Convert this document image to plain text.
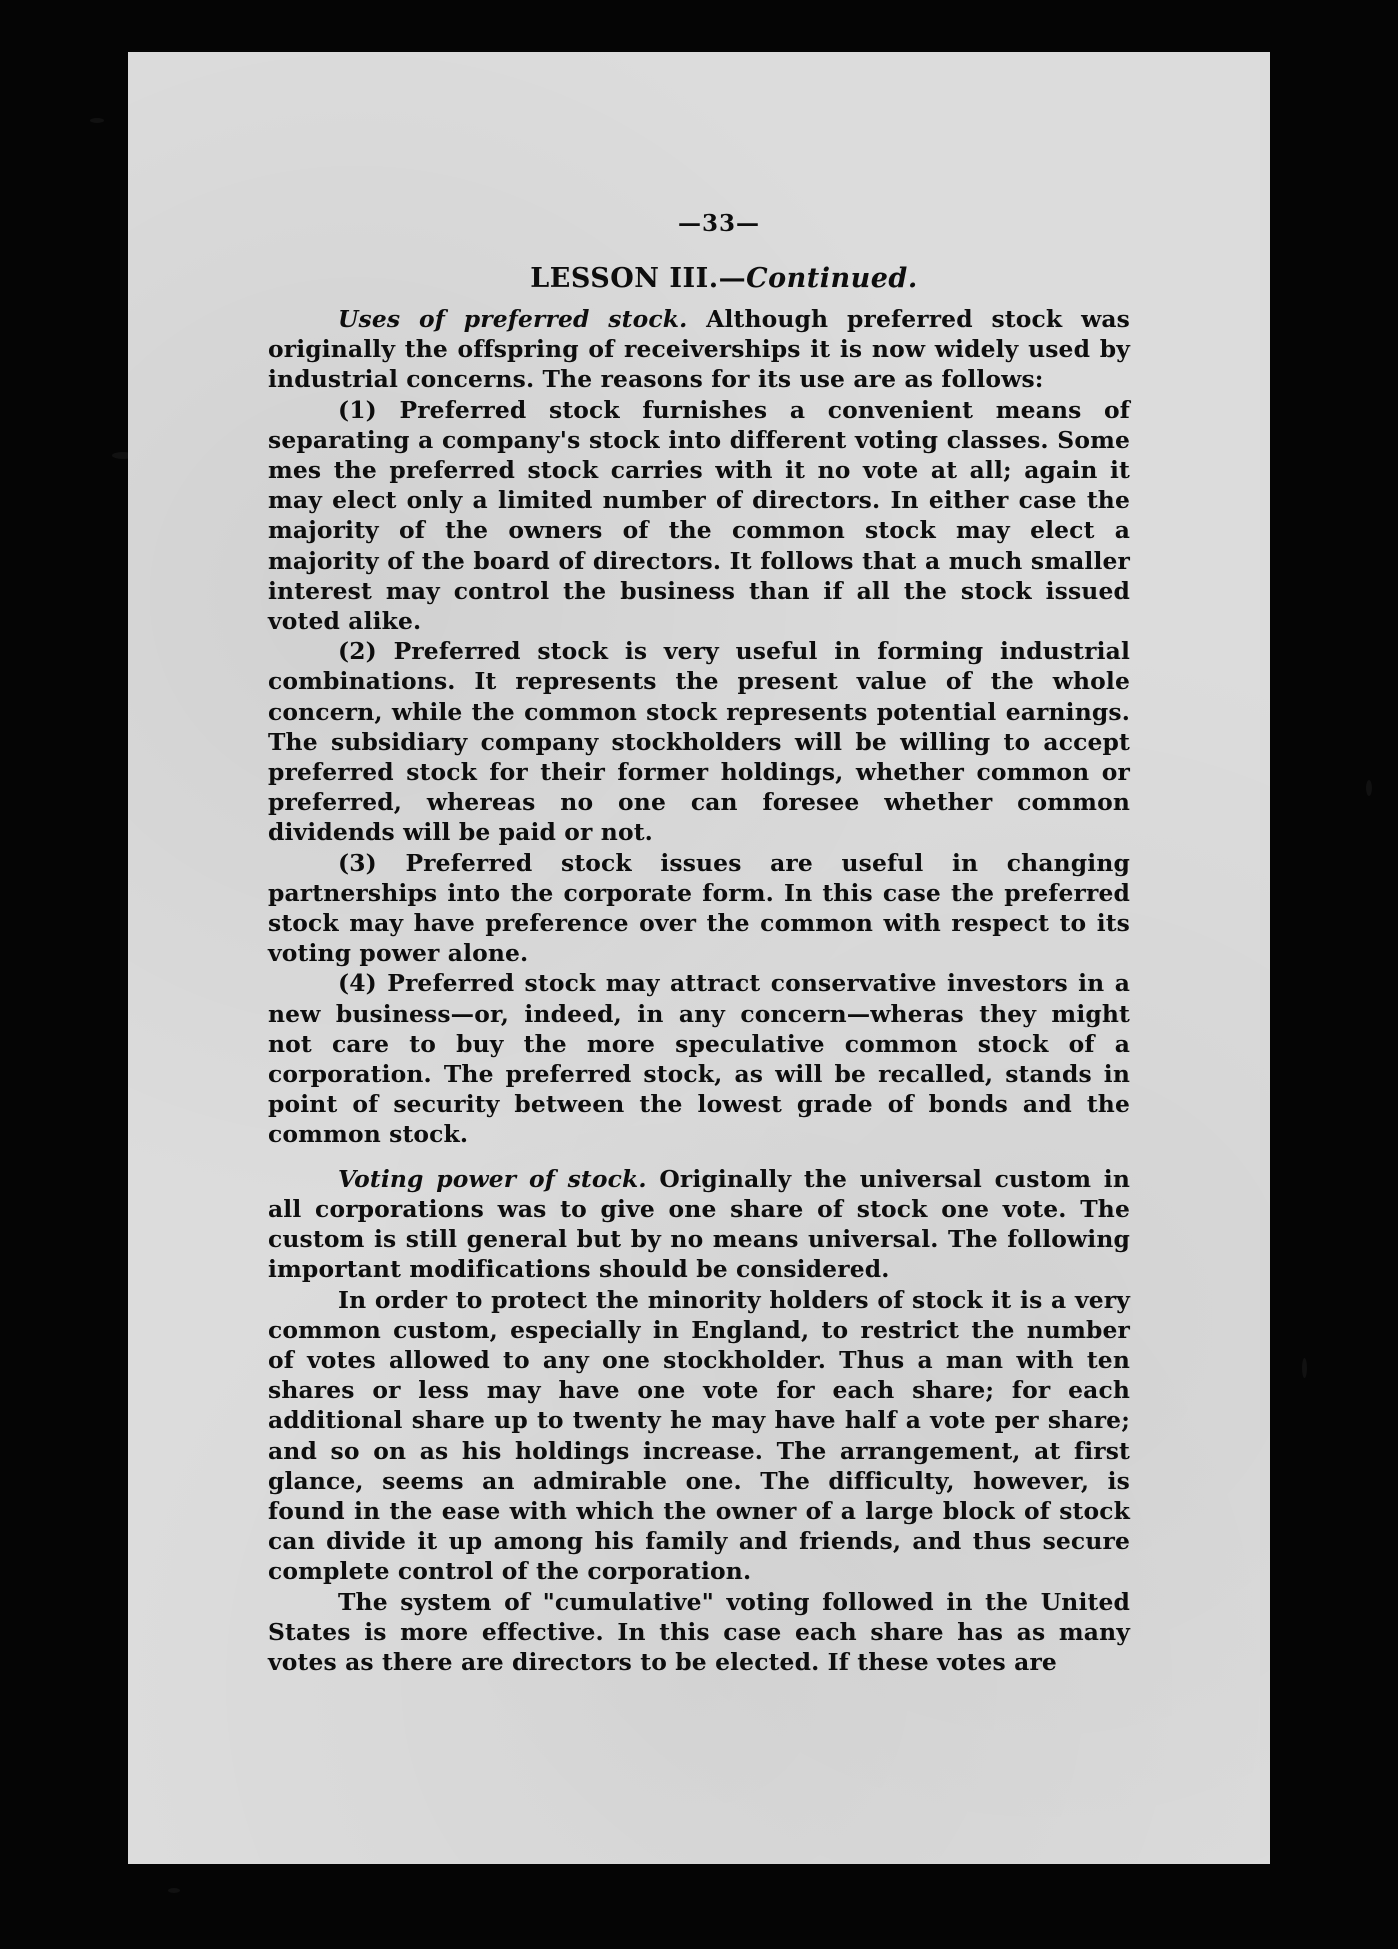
—33—
LESSON III.—Continued.

Uses of preferred stock. Although preferred stock was originally the offspring of receiverships it is now widely used by industrial concerns. The reasons for its use are as follows:

(1) Preferred stock furnishes a convenient means of separating a company's stock into different voting classes. Some mes the preferred stock carries with it no vote at all; again it may elect only a limited number of directors. In either case the majority of the owners of the common stock may elect a majority of the board of directors. It follows that a much smaller interest may control the business than if all the stock issued voted alike.

(2) Preferred stock is very useful in forming industrial combinations. It represents the present value of the whole concern, while the common stock represents potential earnings. The subsidiary company stockholders will be willing to accept preferred stock for their former holdings, whether common or preferred, whereas no one can foresee whether common dividends will be paid or not.

(3) Preferred stock issues are useful in changing partnerships into the corporate form. In this case the preferred stock may have preference over the common with respect to its voting power alone.

(4) Preferred stock may attract conservative investors in a new business—or, indeed, in any concern—wheras they might not care to buy the more speculative common stock of a corporation. The preferred stock, as will be recalled, stands in point of security between the lowest grade of bonds and the common stock.

Voting power of stock. Originally the universal custom in all corporations was to give one share of stock one vote. The custom is still general but by no means universal. The following important modifications should be considered.

In order to protect the minority holders of stock it is a very common custom, especially in England, to restrict the number of votes allowed to any one stockholder. Thus a man with ten shares or less may have one vote for each share; for each additional share up to twenty he may have half a vote per share; and so on as his holdings increase. The arrangement, at first glance, seems an admirable one. The difficulty, however, is found in the ease with which the owner of a large block of stock can divide it up among his family and friends, and thus secure complete control of the corporation.

The system of "cumulative" voting followed in the United States is more effective. In this case each share has as many votes as there are directors to be elected. If these votes are
